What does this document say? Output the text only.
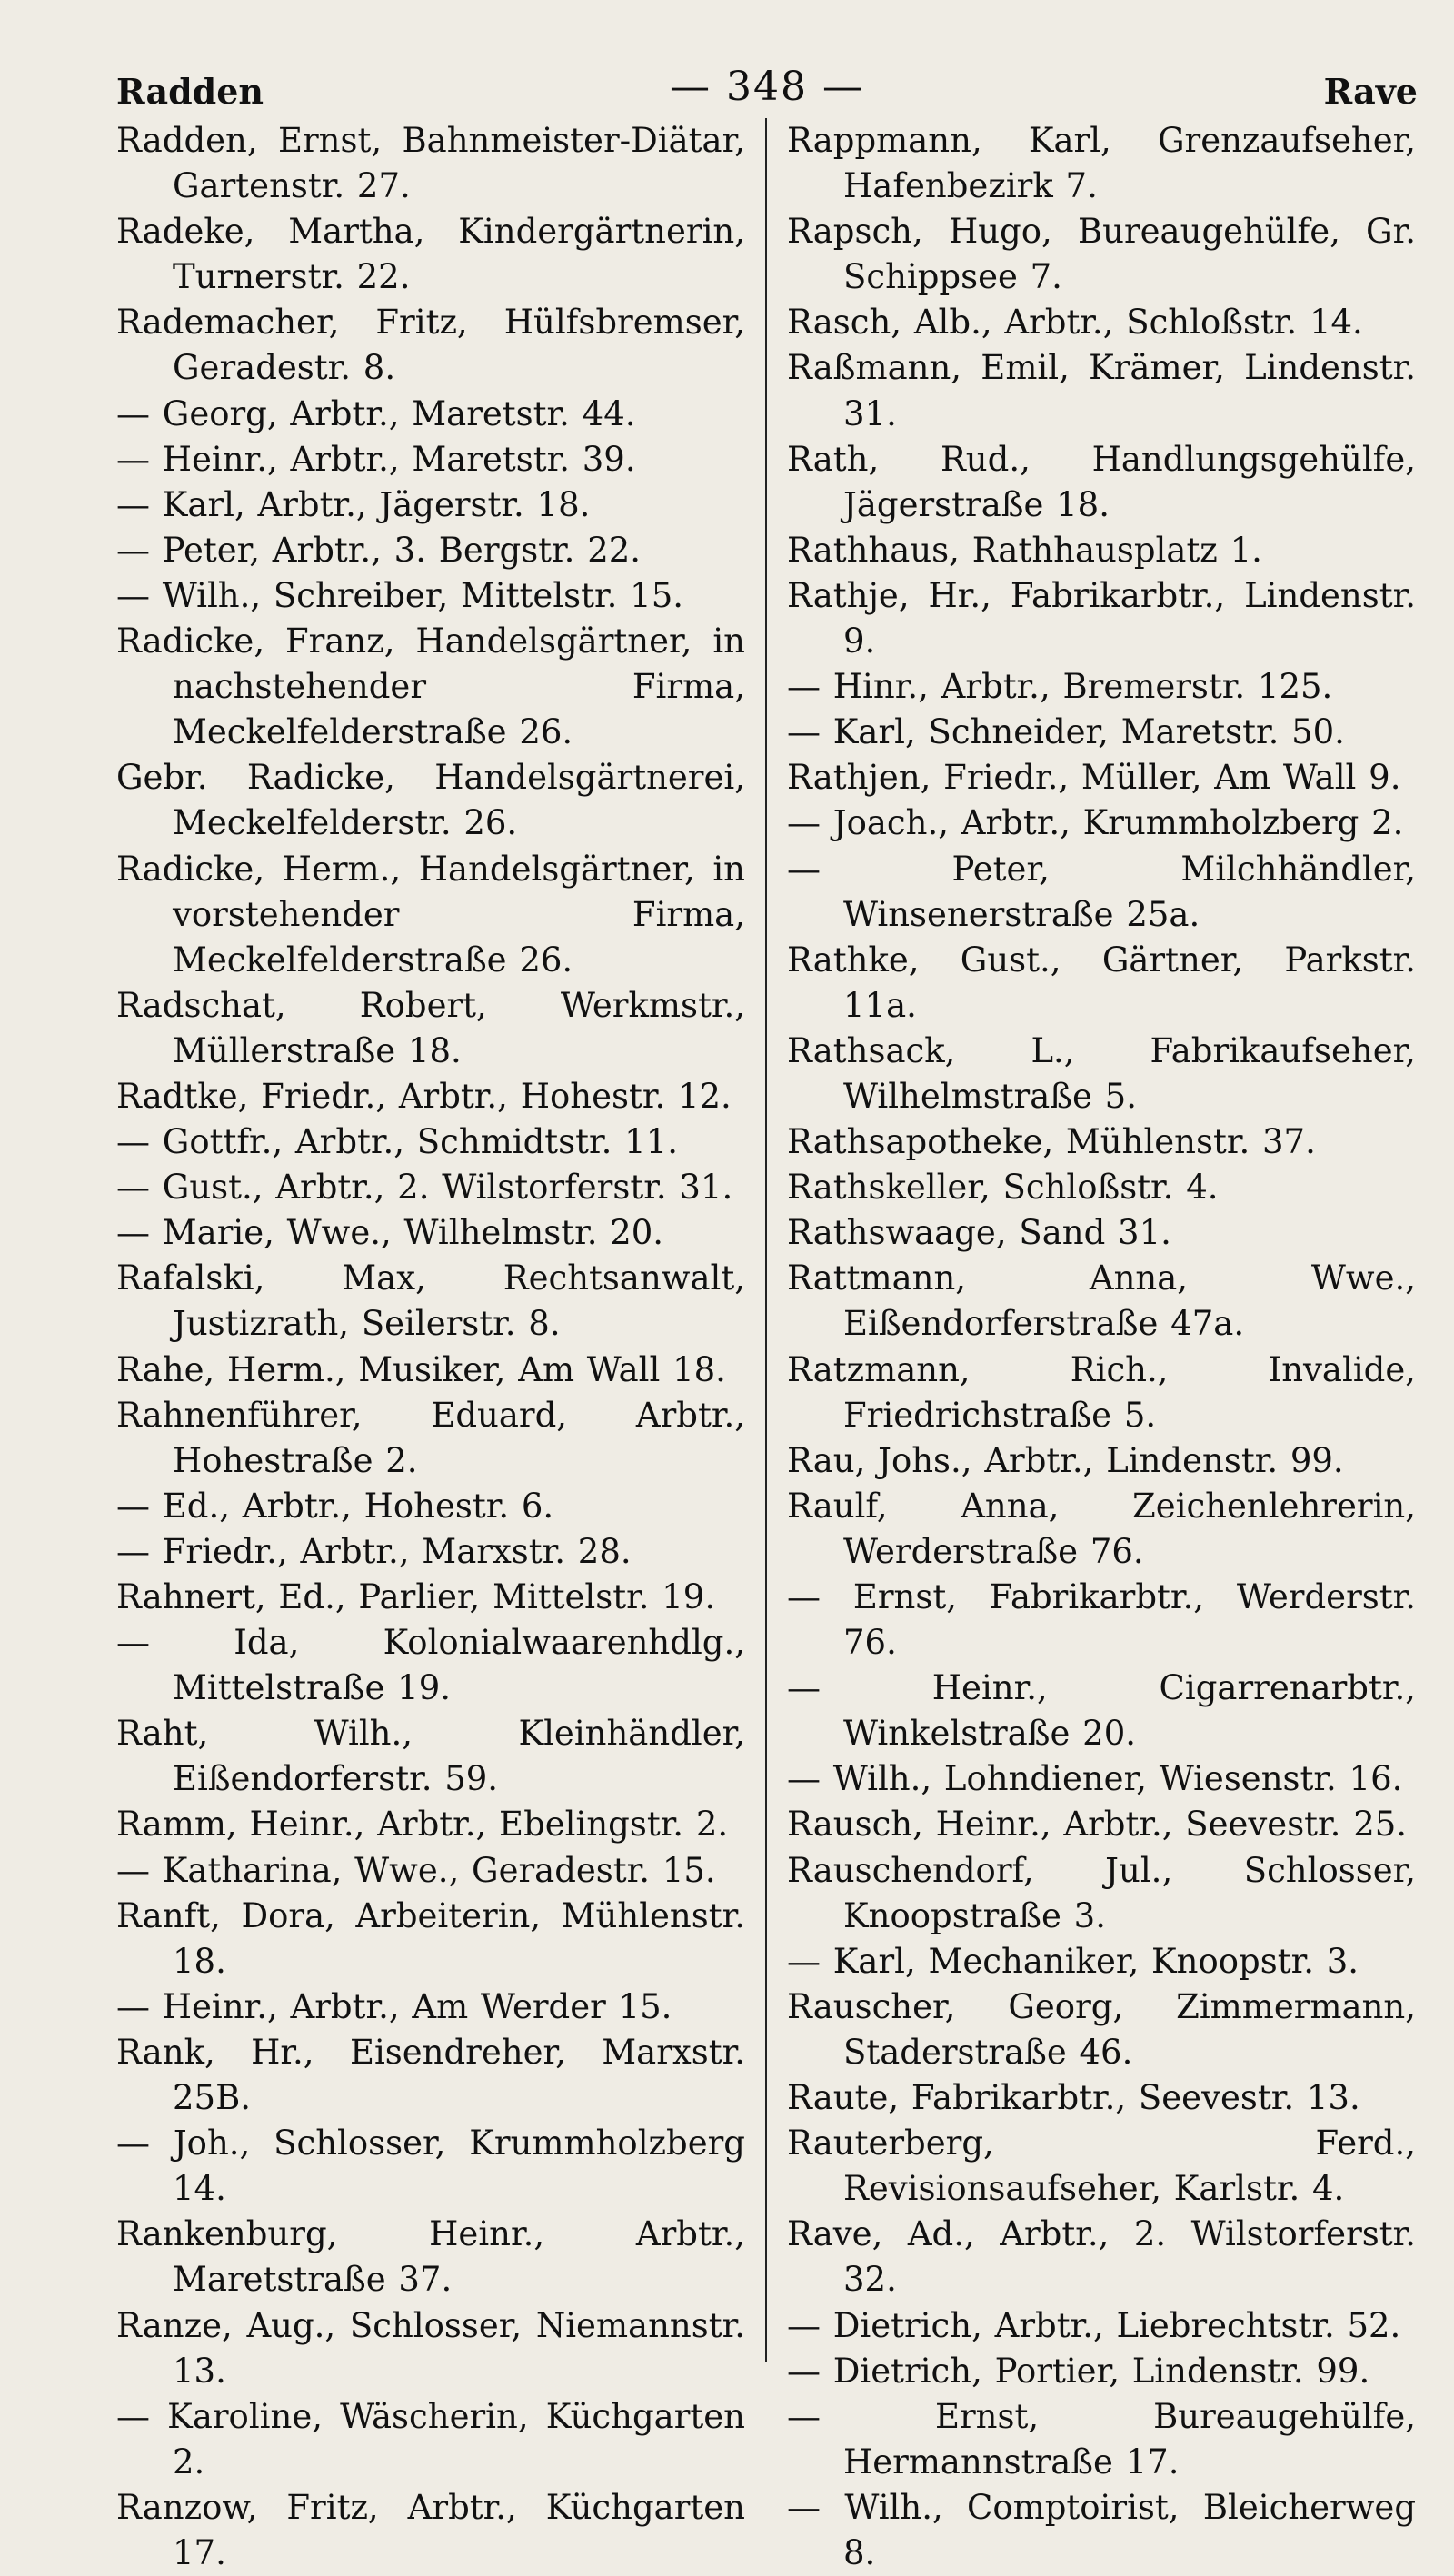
Radden	— 348 —	Rave
Radden, Ernst, Bahnmeister-Diätar, Gartenstr. 27.
Radeke, Martha, Kindergärtnerin, Turnerstr. 22.
Rademacher, Fritz, Hülfsbremser, Geradestr. 8.
— Georg, Arbtr., Maretstr. 44.
— Heinr., Arbtr., Maretstr. 39.
— Karl, Arbtr., Jägerstr. 18.
— Peter, Arbtr., 3. Bergstr. 22.
— Wilh., Schreiber, Mittelstr. 15.
Radicke, Franz, Handelsgärtner, in nachstehender Firma, Meckelfelderstraße 26.
Gebr. Radicke, Handelsgärtnerei, Meckelfelderstr. 26.
Radicke, Herm., Handelsgärtner, in vorstehender Firma, Meckelfelderstraße 26.
Radschat, Robert, Werkmstr., Müllerstraße 18.
Radtke, Friedr., Arbtr., Hohestr. 12.
— Gottfr., Arbtr., Schmidtstr. 11.
— Gust., Arbtr., 2. Wilstorferstr. 31.
— Marie, Wwe., Wilhelmstr. 20.
Rafalski, Max, Rechtsanwalt, Justizrath, Seilerstr. 8.
Rahe, Herm., Musiker, Am Wall 18.
Rahnenführer, Eduard, Arbtr., Hohestraße 2.
— Ed., Arbtr., Hohestr. 6.
— Friedr., Arbtr., Marxstr. 28.
Rahnert, Ed., Parlier, Mittelstr. 19.
— Ida, Kolonialwaarenhdlg., Mittelstraße 19.
Raht, Wilh., Kleinhändler, Eißendorferstr. 59.
Ramm, Heinr., Arbtr., Ebelingstr. 2.
— Katharina, Wwe., Geradestr. 15.
Ranft, Dora, Arbeiterin, Mühlenstr. 18.
— Heinr., Arbtr., Am Werder 15.
Rank, Hr., Eisendreher, Marxstr. 25B.
— Joh., Schlosser, Krummholzberg 14.
Rankenburg, Heinr., Arbtr., Maretstraße 37.
Ranze, Aug., Schlosser, Niemannstr. 13.
— Karoline, Wäscherin, Küchgarten 2.
Ranzow, Fritz, Arbtr., Küchgarten 17.
Rappmann, Karl, Grenzaufseher, Hafenbezirk 7.
Rapsch, Hugo, Bureaugehülfe, Gr. Schippsee 7.
Rasch, Alb., Arbtr., Schloßstr. 14.
Raßmann, Emil, Krämer, Lindenstr. 31.
Rath, Rud., Handlungsgehülfe, Jägerstraße 18.
Rathhaus, Rathhausplatz 1.
Rathje, Hr., Fabrikarbtr., Lindenstr. 9.
— Hinr., Arbtr., Bremerstr. 125.
— Karl, Schneider, Maretstr. 50.
Rathjen, Friedr., Müller, Am Wall 9.
— Joach., Arbtr., Krummholzberg 2.
— Peter, Milchhändler, Winsenerstraße 25a.
Rathke, Gust., Gärtner, Parkstr. 11a.
Rathsack, L., Fabrikaufseher, Wilhelmstraße 5.
Rathsapotheke, Mühlenstr. 37.
Rathskeller, Schloßstr. 4.
Rathswaage, Sand 31.
Rattmann, Anna, Wwe., Eißendorferstraße 47a.
Ratzmann, Rich., Invalide, Friedrichstraße 5.
Rau, Johs., Arbtr., Lindenstr. 99.
Raulf, Anna, Zeichenlehrerin, Werderstraße 76.
— Ernst, Fabrikarbtr., Werderstr. 76.
— Heinr., Cigarrenarbtr., Winkelstraße 20.
— Wilh., Lohndiener, Wiesenstr. 16.
Rausch, Heinr., Arbtr., Seevestr. 25.
Rauschendorf, Jul., Schlosser, Knoopstraße 3.
— Karl, Mechaniker, Knoopstr. 3.
Rauscher, Georg, Zimmermann, Staderstraße 46.
Raute, Fabrikarbtr., Seevestr. 13.
Rauterberg, Ferd., Revisionsaufseher, Karlstr. 4.
Rave, Ad., Arbtr., 2. Wilstorferstr. 32.
— Dietrich, Arbtr., Liebrechtstr. 52.
— Dietrich, Portier, Lindenstr. 99.
— Ernst, Bureaugehülfe, Hermannstraße 17.
— Wilh., Comptoirist, Bleicherweg 8.
